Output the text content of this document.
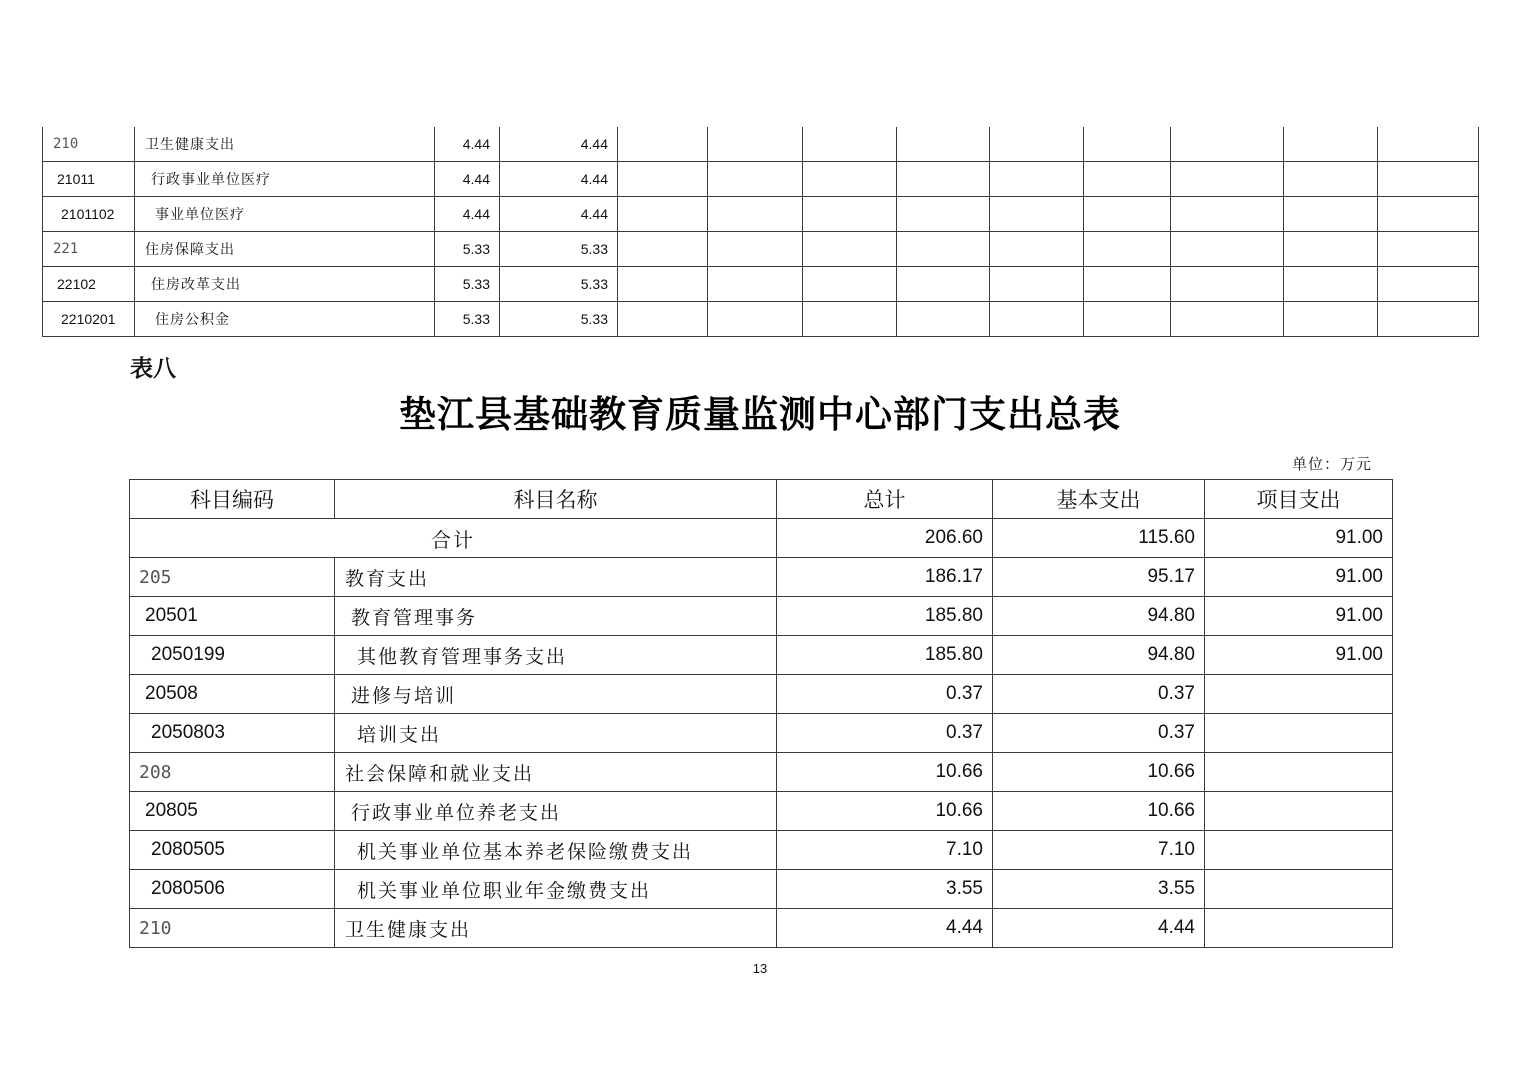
210	卫生健康支出	4.44	4.44									
21011	行政事业单位医疗	4.44	4.44									
2101102	事业单位医疗	4.44	4.44									
221	住房保障支出	5.33	5.33									
22102	住房改革支出	5.33	5.33									
2210201	住房公积金	5.33	5.33									
表八
垫江县基础教育质量监测中心部门支出总表
单位：万元
科目编码	科目名称	总计	基本支出	项目支出
合计		206.60	115.60	91.00
205	教育支出	186.17	95.17	91.00
20501	教育管理事务	185.80	94.80	91.00
2050199	其他教育管理事务支出	185.80	94.80	91.00
20508	进修与培训	0.37	0.37	
2050803	培训支出	0.37	0.37	
208	社会保障和就业支出	10.66	10.66	
20805	行政事业单位养老支出	10.66	10.66	
2080505	机关事业单位基本养老保险缴费支出	7.10	7.10	
2080506	机关事业单位职业年金缴费支出	3.55	3.55	
210	卫生健康支出	4.44	4.44	
13
